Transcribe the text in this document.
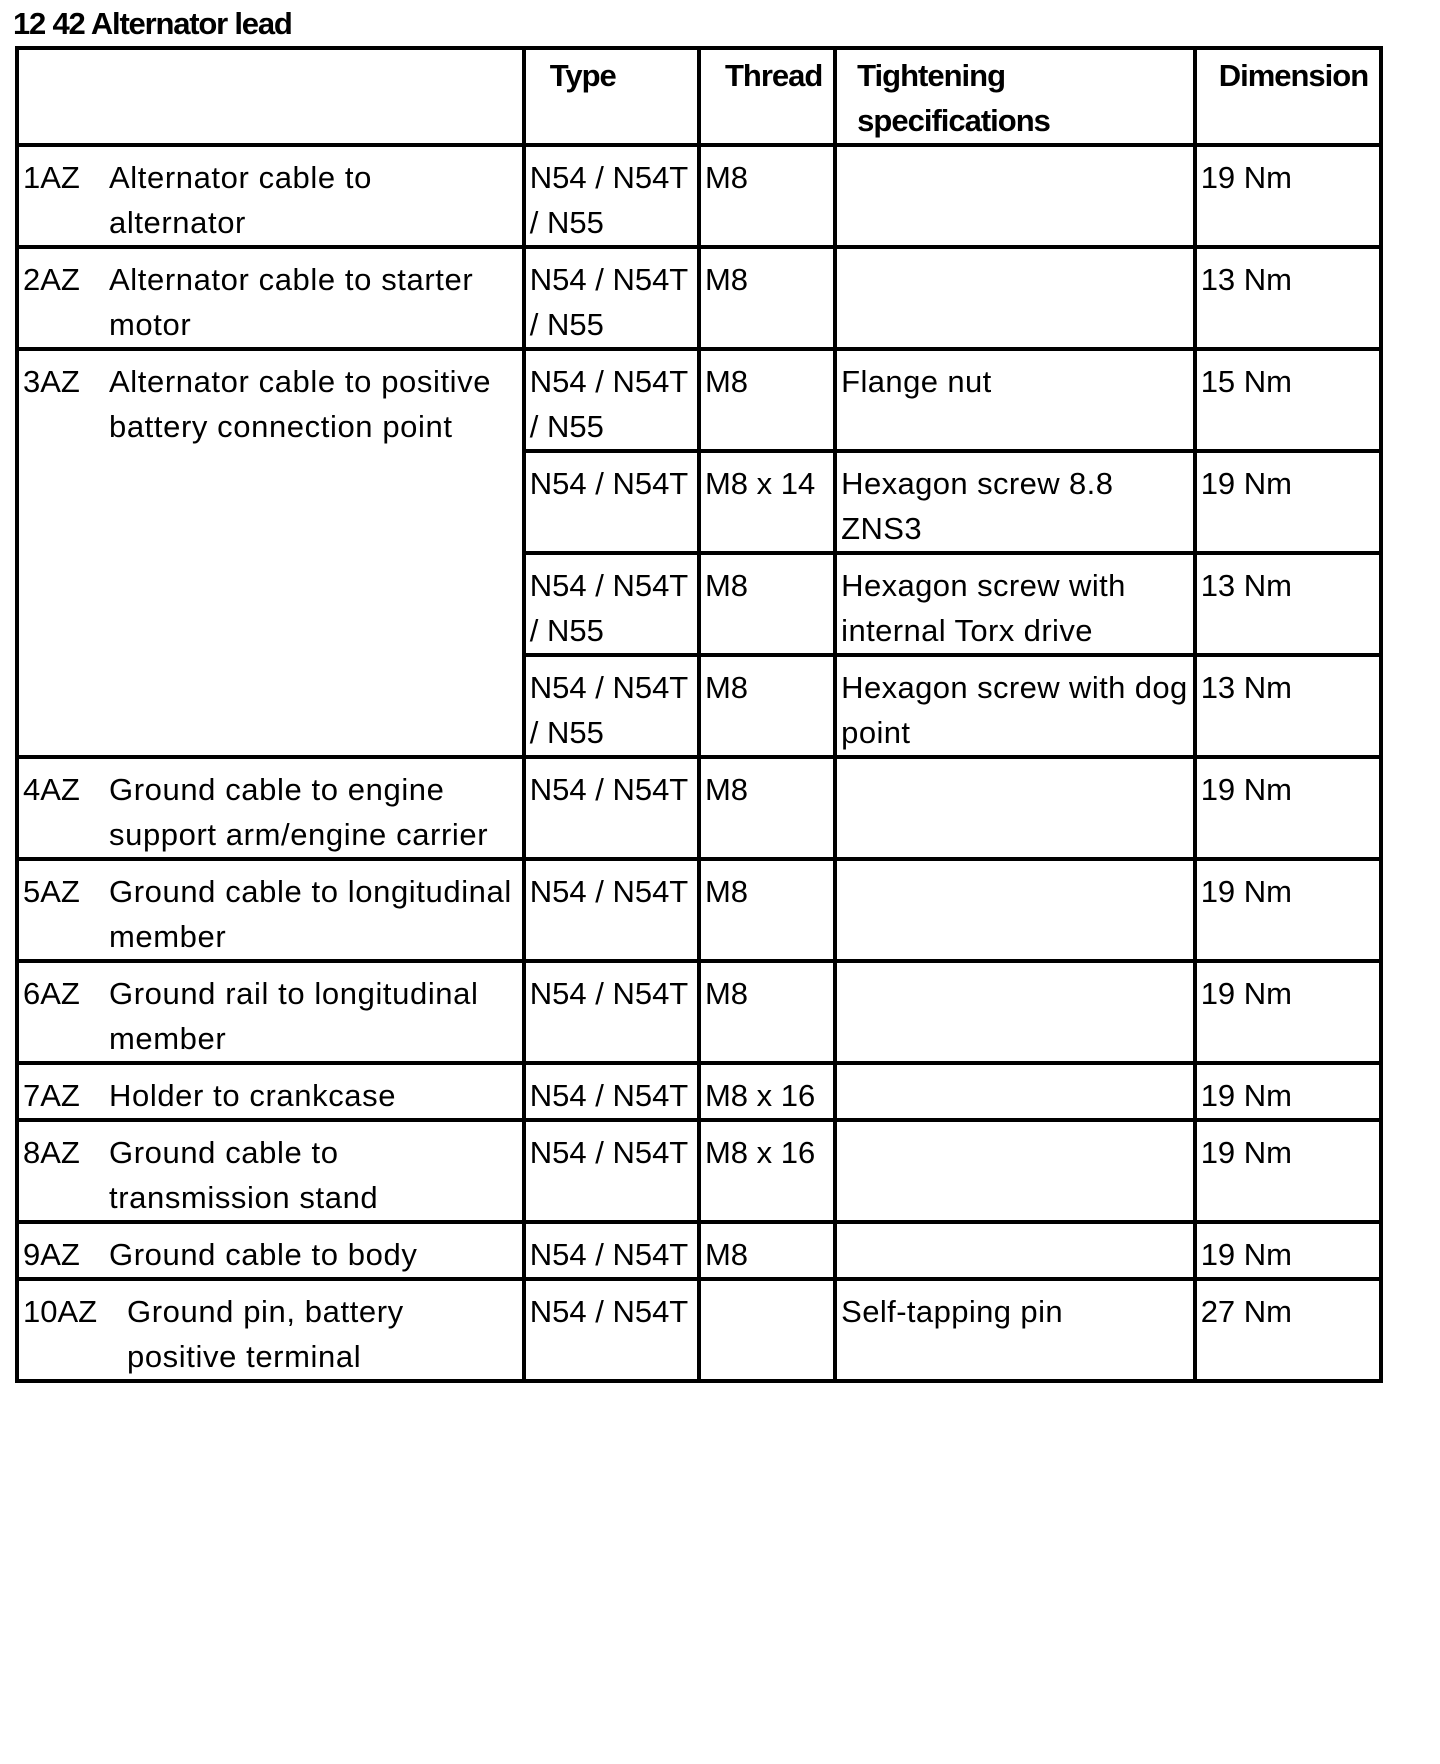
12 42 Alternator lead
	Type	Thread	Tightening specifications	Dimension

1AZ Alternator cable to alternator	N54 / N54T / N55	M8		19 Nm

2AZ Alternator cable to starter motor	N54 / N54T / N55	M8		13 Nm

3AZ Alternator cable to positive battery connection point	N54 / N54T / N55	M8	Flange nut	15 Nm
	N54 / N54T	M8 x 14	Hexagon screw 8.8 ZNS3	19 Nm
	N54 / N54T / N55	M8	Hexagon screw with internal Torx drive	13 Nm
	N54 / N54T / N55	M8	Hexagon screw with dog point	13 Nm

4AZ Ground cable to engine support arm/engine carrier	N54 / N54T	M8		19 Nm

5AZ Ground cable to longitudinal member	N54 / N54T	M8		19 Nm

6AZ Ground rail to longitudinal member	N54 / N54T	M8		19 Nm

7AZ Holder to crankcase	N54 / N54T	M8 x 16		19 Nm

8AZ Ground cable to transmission stand	N54 / N54T	M8 x 16		19 Nm

9AZ Ground cable to body	N54 / N54T	M8		19 Nm

10AZ Ground pin, battery positive terminal	N54 / N54T		Self-tapping pin	27 Nm
